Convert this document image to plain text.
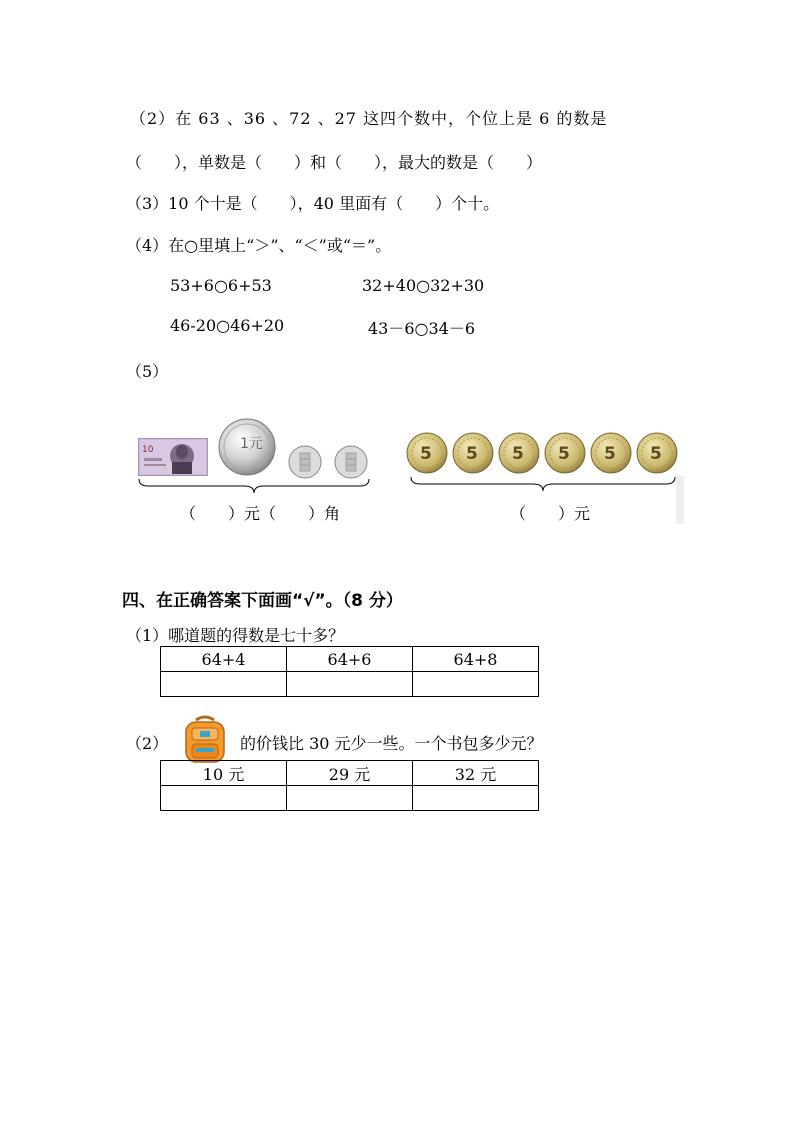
（2）在 63 、36 、72 、27 这四个数中，个位上是 6 的数是
（　　），单数是（　　）和（　　），最大的数是（　　）
（3）10 个十是（　　），40 里面有（　　）个十。
（4）在○里填上“＞”、“＜”或“＝”。
53+6○6+53	32+40○32+30
46-20○46+20	43－6○34－6
（5）
10	1元	5 5 5 5 5 5
（　　）元（　　）角	（　　）元
四、在正确答案下面画“√”。（8 分）
（1）哪道题的得数是七十多？
64+4	64+6	64+8

（2）	的价钱比 30 元少一些。一个书包多少元？
10 元	29 元	32 元
